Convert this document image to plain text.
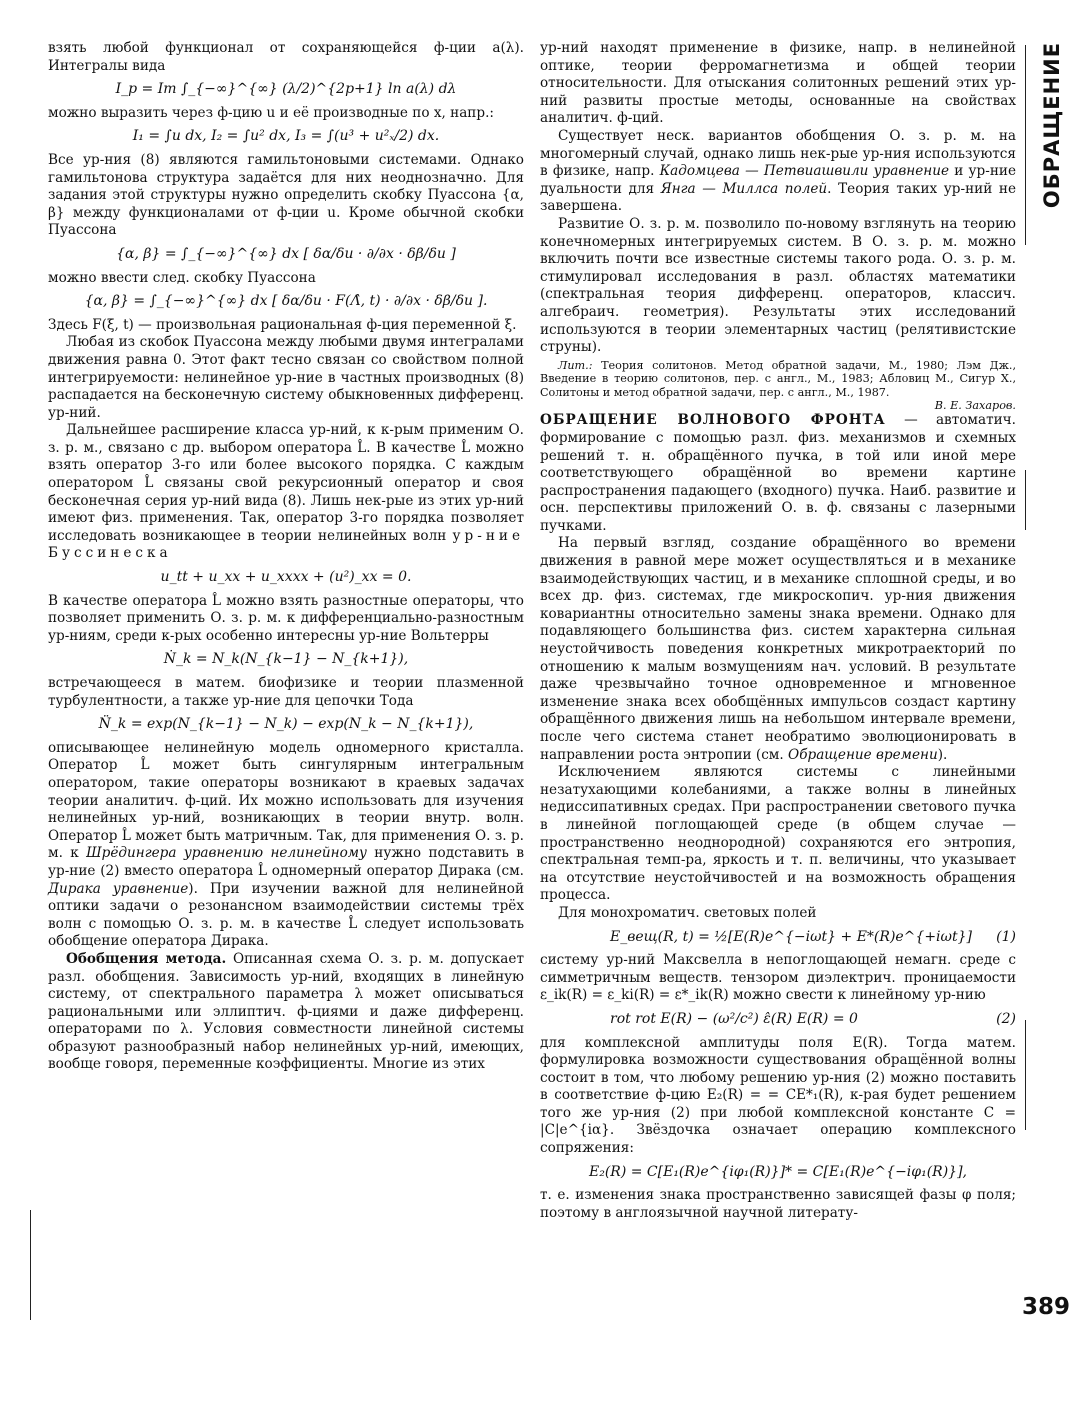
взять любой функционал от сохраняющейся ф-ции a(λ). Интегралы вида

I_p = Im ∫_{−∞}^{∞} (λ/2)^{2p+1} ln a(λ) dλ

можно выразить через ф-цию u и её производные по x, напр.:

I₁ = ∫u dx, I₂ = ∫u² dx, I₃ = ∫(u³ + u²ₓ/2) dx.

Все ур-ния (8) являются гамильтоновыми системами. Однако гамильтонова структура задаётся для них неоднозначно. Для задания этой структуры нужно определить скобку Пуассона {α, β} между функционалами от ф-ции u. Кроме обычной скобки Пуассона

{α, β} = ∫_{−∞}^{∞} dx [ δα/δu · ∂/∂x · δβ/δu ]

можно ввести след. скобку Пуассона

{α, β} = ∫_{−∞}^{∞} dx [ δα/δu · F(Λ̂, t) · ∂/∂x · δβ/δu ].

Здесь F(ξ, t) — произвольная рациональная ф-ция переменной ξ.

Любая из скобок Пуассона между любыми двумя интегралами движения равна 0. Этот факт тесно связан со свойством полной интегрируемости: нелинейное ур-ние в частных производных (8) распадается на бесконечную систему обыкновенных дифференц. ур-ний.

Дальнейшее расширение класса ур-ний, к к-рым применим О. з. р. м., связано с др. выбором оператора L̂. В качестве L̂ можно взять оператор 3-го или более высокого порядка. С каждым оператором L̂ связаны свой рекурсионный оператор и своя бесконечная серия ур-ний вида (8). Лишь нек-рые из этих ур-ний имеют физ. применения. Так, оператор 3-го порядка позволяет исследовать возникающее в теории нелинейных волн ур-ние Буссинеска

u_tt + u_xx + u_xxxx + (u²)_xx = 0.

В качестве оператора L̂ можно взять разностные операторы, что позволяет применить О. з. р. м. к дифференциально-разностным ур-ниям, среди к-рых особенно интересны ур-ние Вольтерры

Ṅ_k = N_k(N_{k−1} − N_{k+1}),

встречающееся в матем. биофизике и теории плазменной турбулентности, а также ур-ние для цепочки Тода

N̈_k = exp(N_{k−1} − N_k) − exp(N_k − N_{k+1}),

описывающее нелинейную модель одномерного кристалла. Оператор L̂ может быть сингулярным интегральным оператором, такие операторы возникают в краевых задачах теории аналитич. ф-ций. Их можно использовать для изучения нелинейных ур-ний, возникающих в теории внутр. волн. Оператор L̂ может быть матричным. Так, для применения О. з. р. м. к Шрёдингера уравнению нелинейному нужно подставить в ур-ние (2) вместо оператора L̂ одномерный оператор Дирака (см. Дирака уравнение). При изучении важной для нелинейной оптики задачи о резонансном взаимодействии системы трёх волн с помощью О. з. р. м. в качестве L̂ следует использовать обобщение оператора Дирака.

Обобщения метода. Описанная схема О. з. р. м. допускает разл. обобщения. Зависимость ур-ний, входящих в линейную систему, от спектрального параметра λ может описываться рациональными или эллиптич. ф-циями и даже дифференц. операторами по λ. Условия совместности линейной системы образуют разнообразный набор нелинейных ур-ний, имеющих, вообще говоря, переменные коэффициенты. Многие из этих

ур-ний находят применение в физике, напр. в нелинейной оптике, теории ферромагнетизма и общей теории относительности. Для отыскания солитонных решений этих ур-ний развиты простые методы, основанные на свойствах аналитич. ф-ций.

Существует неск. вариантов обобщения О. з. р. м. на многомерный случай, однако лишь нек-рые ур-ния используются в физике, напр. Кадомцева — Петвиашвили уравнение и ур-ние дуальности для Янга — Миллса полей. Теория таких ур-ний не завершена.

Развитие О. з. р. м. позволило по-новому взглянуть на теорию конечномерных интегрируемых систем. В О. з. р. м. можно включить почти все известные системы такого рода. О. з. р. м. стимулировал исследования в разл. областях математики (спектральная теория дифференц. операторов, классич. алгебраич. геометрия). Результаты этих исследований используются в теории элементарных частиц (релятивистские струны).

Лит.: Теория солитонов. Метод обратной задачи, М., 1980; Лэм Дж., Введение в теорию солитонов, пер. с англ., М., 1983; Абловиц М., Сигур Х., Солитоны и метод обратной задачи, пер. с англ., М., 1987.
В. Е. Захаров.

ОБРАЩЕНИЕ ВОЛНОВОГО ФРОНТА — автоматич. формирование с помощью разл. физ. механизмов и схемных решений т. н. обращённого пучка, в той или иной мере соответствующего обращённой во времени картине распространения падающего (входного) пучка. Наиб. развитие и осн. перспективы приложений О. в. ф. связаны с лазерными пучками.

На первый взгляд, создание обращённого во времени движения в равной мере может осуществляться и в механике взаимодействующих частиц, и в механике сплошной среды, и во всех др. физ. системах, где микроскопич. ур-ния движения ковариантны относительно замены знака времени. Однако для подавляющего большинства физ. систем характерна сильная неустойчивость поведения конкретных микротраекторий по отношению к малым возмущениям нач. условий. В результате даже чрезвычайно точное одновременное и мгновенное изменение знака всех обобщённых импульсов создаст картину обращённого движения лишь на небольшом интервале времени, после чего система станет необратимо эволюционировать в направлении роста энтропии (см. Обращение времени).

Исключением являются системы с линейными незатухающими колебаниями, а также волны в линейных недиссипативных средах. При распространении светового пучка в линейной поглощающей среде (в общем случае — пространственно неоднородной) сохраняются его энтропия, спектральная темп-ра, яркость и т. п. величины, что указывает на отсутствие неустойчивостей и на возможность обращения процесса.

Для монохроматич. световых полей

E_вещ(R, t) = ½[E(R)e^{−iωt} + E*(R)e^{+iωt}] (1)

систему ур-ний Максвелла в непоглощающей немагн. среде с симметричным веществ. тензором диэлектрич. проницаемости ε_ik(R) = ε_ki(R) = ε*_ik(R) можно свести к линейному ур-нию

rot rot E(R) − (ω²/c²) ε̂(R) E(R) = 0	(2)

для комплексной амплитуды поля E(R). Тогда матем. формулировка возможности существования обращённой волны состоит в том, что любому решению ур-ния (2) можно поставить в соответствие ф-цию E₂(R) = = CE*₁(R), к-рая будет решением того же ур-ния (2) при любой комплексной константе C = |C|e^{iα}. Звёздочка означает операцию комплексного сопряжения:

E₂(R) = C[E₁(R)e^{iφ₁(R)}]* = C[E₁(R)e^{−iφ₁(R)}],

т. е. изменения знака пространственно зависящей фазы φ поля; поэтому в англоязычной научной литерату-

ОБРАЩЕНИЕ
389
